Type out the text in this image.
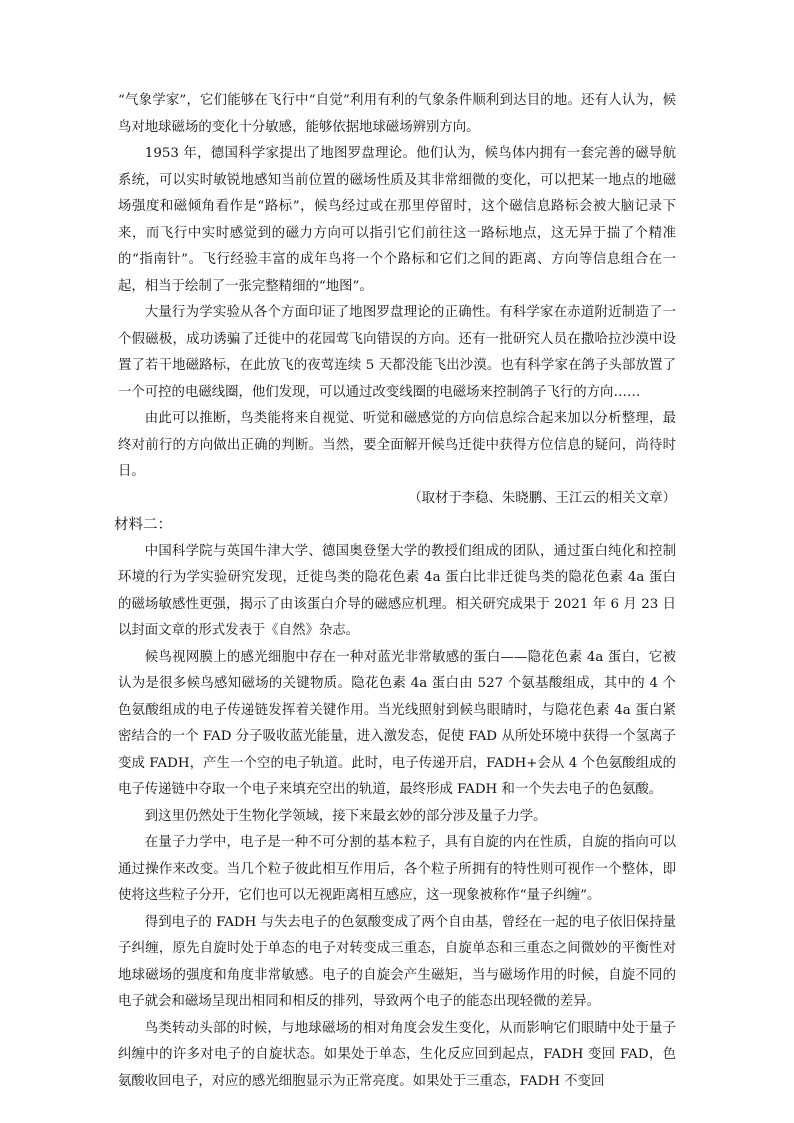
“气象学家”，它们能够在飞行中“自觉”利用有利的气象条件顺利到达目的地。还有人认为，候鸟对地球磁场的变化十分敏感，能够依据地球磁场辨别方向。

1953 年，德国科学家提出了地图罗盘理论。他们认为，候鸟体内拥有一套完善的磁导航系统，可以实时敏锐地感知当前位置的磁场性质及其非常细微的变化，可以把某一地点的地磁场强度和磁倾角看作是“路标”，候鸟经过或在那里停留时，这个磁信息路标会被大脑记录下来，而飞行中实时感觉到的磁力方向可以指引它们前往这一路标地点，这无异于揣了个精准的“指南针”。飞行经验丰富的成年鸟将一个个路标和它们之间的距离、方向等信息组合在一起，相当于绘制了一张完整精细的“地图”。

大量行为学实验从各个方面印证了地图罗盘理论的正确性。有科学家在赤道附近制造了一个假磁极，成功诱骗了迁徙中的花园莺飞向错误的方向。还有一批研究人员在撒哈拉沙漠中设置了若干地磁路标，在此放飞的夜莺连续 5 天都没能飞出沙漠。也有科学家在鸽子头部放置了一个可控的电磁线圈，他们发现，可以通过改变线圈的电磁场来控制鸽子飞行的方向……

由此可以推断，鸟类能将来自视觉、听觉和磁感觉的方向信息综合起来加以分析整理，最终对前行的方向做出正确的判断。当然，要全面解开候鸟迁徙中获得方位信息的疑问，尚待时日。

（取材于李稳、朱晓鹏、王江云的相关文章）

材料二：

中国科学院与英国牛津大学、德国奥登堡大学的教授们组成的团队，通过蛋白纯化和控制环境的行为学实验研究发现，迁徙鸟类的隐花色素 4a 蛋白比非迁徙鸟类的隐花色素 4a 蛋白的磁场敏感性更强，揭示了由该蛋白介导的磁感应机理。相关研究成果于 2021 年 6 月 23 日以封面文章的形式发表于《自然》杂志。

候鸟视网膜上的感光细胞中存在一种对蓝光非常敏感的蛋白——隐花色素 4a 蛋白，它被认为是很多候鸟感知磁场的关键物质。隐花色素 4a 蛋白由 527 个氨基酸组成，其中的 4 个色氨酸组成的电子传递链发挥着关键作用。当光线照射到候鸟眼睛时，与隐花色素 4a 蛋白紧密结合的一个 FAD 分子吸收蓝光能量，进入激发态，促使 FAD 从所处环境中获得一个氢离子变成 FADH，产生一个空的电子轨道。此时，电子传递开启，FADH+会从 4 个色氨酸组成的电子传递链中夺取一个电子来填充空出的轨道，最终形成 FADH 和一个失去电子的色氨酸。

到这里仍然处于生物化学领域，接下来最玄妙的部分涉及量子力学。

在量子力学中，电子是一种不可分割的基本粒子，具有自旋的内在性质，自旋的指向可以通过操作来改变。当几个粒子彼此相互作用后，各个粒子所拥有的特性则可视作一个整体，即使将这些粒子分开，它们也可以无视距离相互感应，这一现象被称作“量子纠缠”。

得到电子的 FADH 与失去电子的色氨酸变成了两个自由基，曾经在一起的电子依旧保持量子纠缠，原先自旋时处于单态的电子对转变成三重态，自旋单态和三重态之间微妙的平衡性对地球磁场的强度和角度非常敏感。电子的自旋会产生磁矩，当与磁场作用的时候，自旋不同的电子就会和磁场呈现出相同和相反的排列，导致两个电子的能态出现轻微的差异。

鸟类转动头部的时候，与地球磁场的相对角度会发生变化，从而影响它们眼睛中处于量子纠缠中的许多对电子的自旋状态。如果处于单态，生化反应回到起点，FADH 变回 FAD，色氨酸收回电子，对应的感光细胞显示为正常亮度。如果处于三重态，FADH 不变回
